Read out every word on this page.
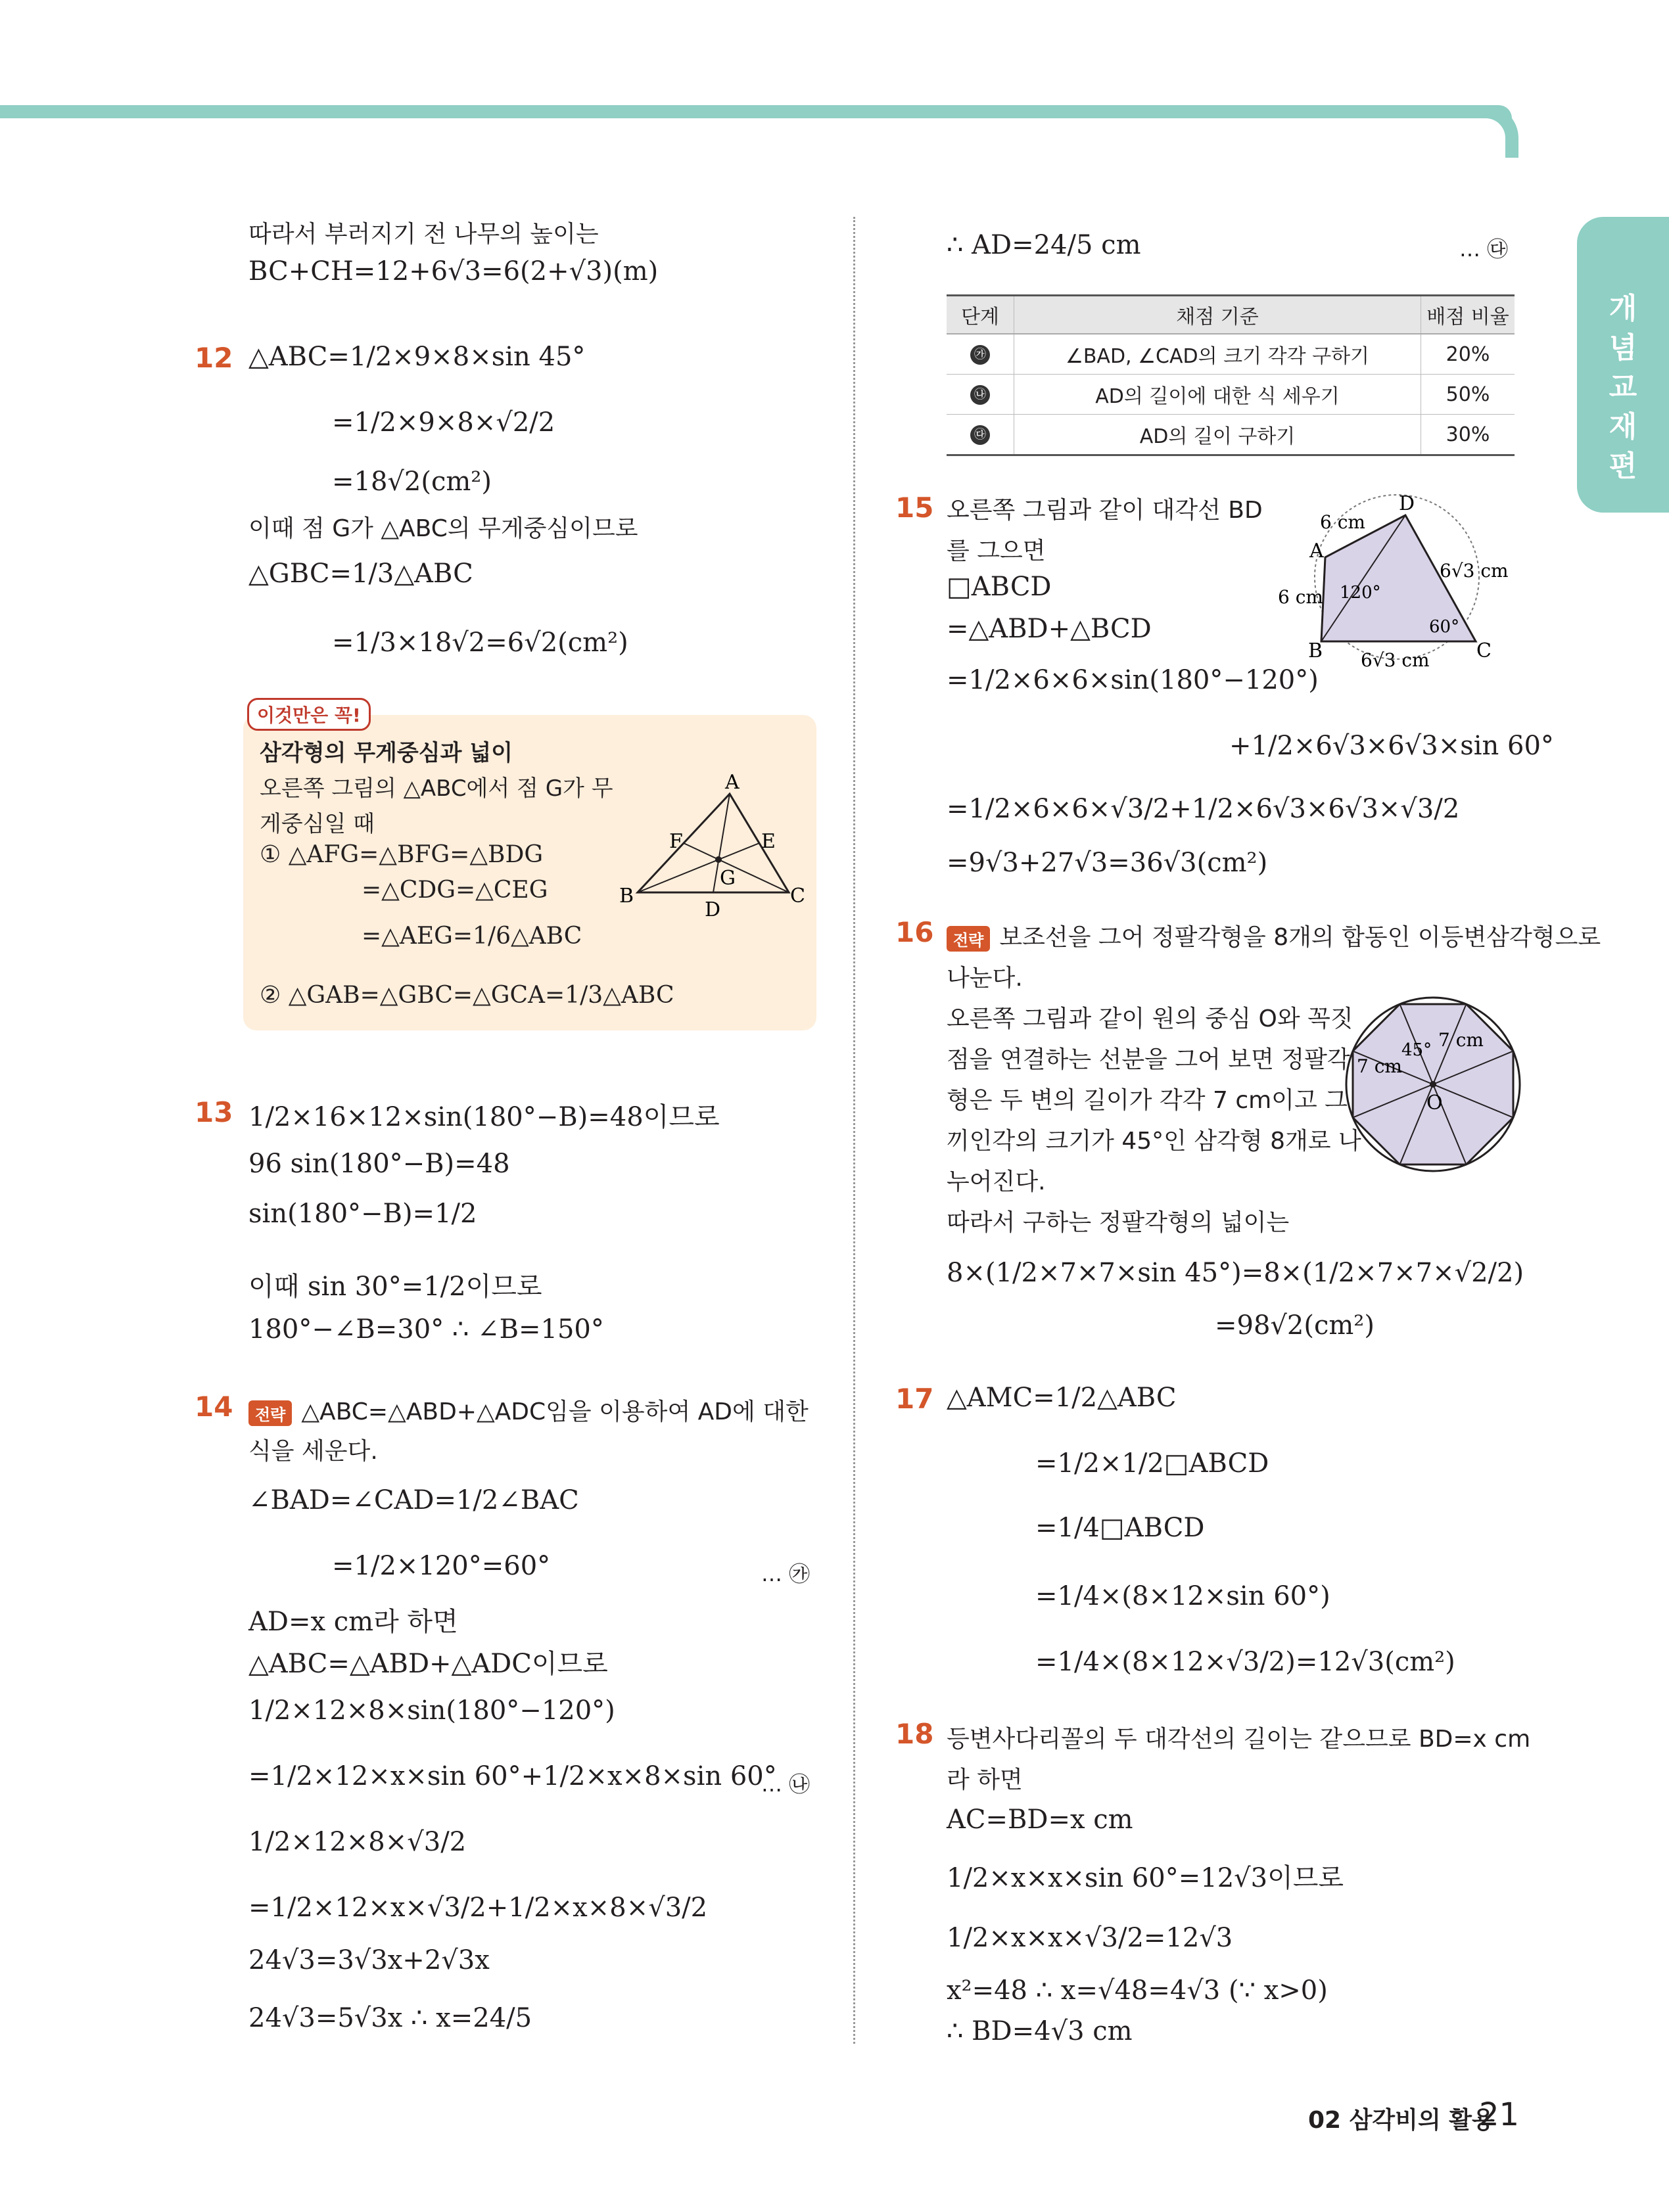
개념교재편
따라서 부러지기 전 나무의 높이는
BC+CH=12+6√3=6(2+√3)(m)
12 △ABC=1/2×9×8×sin 45°
=1/2×9×8×√2/2
=18√2(cm²)
이때 점 G가 △ABC의 무게중심이므로
△GBC=1/3△ABC
=1/3×18√2=6√2(cm²)
이것만은 꼭!
삼각형의 무게중심과 넓이
오른쪽 그림의 △ABC에서 점 G가 무
게중심일 때
① △AFG=△BFG=△BDG
=△CDG=△CEG
=△AEG=1/6△ABC
② △GAB=△GBC=△GCA=1/3△ABC
A
B	C
D
E
F
G
13 1/2×16×12×sin(180°−B)=48이므로
96 sin(180°−B)=48
sin(180°−B)=1/2
이때 sin 30°=1/2이므로
180°−∠B=30° ∴ ∠B=150°
14	전략 △ABC=△ABD+△ADC임을 이용하여 AD에 대한
식을 세운다.
∠BAD=∠CAD=1/2∠BAC
=1/2×120°=60°	… ㉮
AD=x cm라 하면
△ABC=△ABD+△ADC이므로
1/2×12×8×sin(180°−120°)
=1/2×12×x×sin 60°+1/2×x×8×sin 60°
… ㉯
1/2×12×8×√3/2
=1/2×12×x×√3/2+1/2×x×8×√3/2
24√3=3√3x+2√3x
24√3=5√3x ∴ x=24/5
∴ AD=24/5 cm	… ㉰
단계	채점 기준	배점 비율
㉮	∠BAD, ∠CAD의 크기 각각 구하기	20%
㉯	AD의 길이에 대한 식 세우기	50%
㉰	AD의 길이 구하기	30%
15 오른쪽 그림과 같이 대각선 BD
를 그으면
□ABCD
=△ABD+△BCD
=1/2×6×6×sin(180°−120°)
+1/2×6√3×6√3×sin 60°
=1/2×6×6×√3/2+1/2×6√3×6√3×√3/2
=9√3+27√3=36√3(cm²)
A
B	C
D
6 cm
6 cm
6√3 cm
6√3 cm
120°
60°
16	전략 보조선을 그어 정팔각형을 8개의 합동인 이등변삼각형으로
나눈다.
오른쪽 그림과 같이 원의 중심 O와 꼭짓
점을 연결하는 선분을 그어 보면 정팔각
형은 두 변의 길이가 각각 7 cm이고 그
끼인각의 크기가 45°인 삼각형 8개로 나
누어진다.
따라서 구하는 정팔각형의 넓이는
8×(1/2×7×7×sin 45°)=8×(1/2×7×7×√2/2)
=98√2(cm²)
45° 7 cm
7 cm
O
17 △AMC=1/2△ABC
=1/2×1/2□ABCD
=1/4□ABCD
=1/4×(8×12×sin 60°)
=1/4×(8×12×√3/2)=12√3(cm²)
18 등변사다리꼴의 두 대각선의 길이는 같으므로 BD=x cm
라 하면
AC=BD=x cm
1/2×x×x×sin 60°=12√3이므로
1/2×x×x×√3/2=12√3
x²=48 ∴ x=√48=4√3 (∵ x>0)
∴ BD=4√3 cm
02 삼각비의 활용
21
